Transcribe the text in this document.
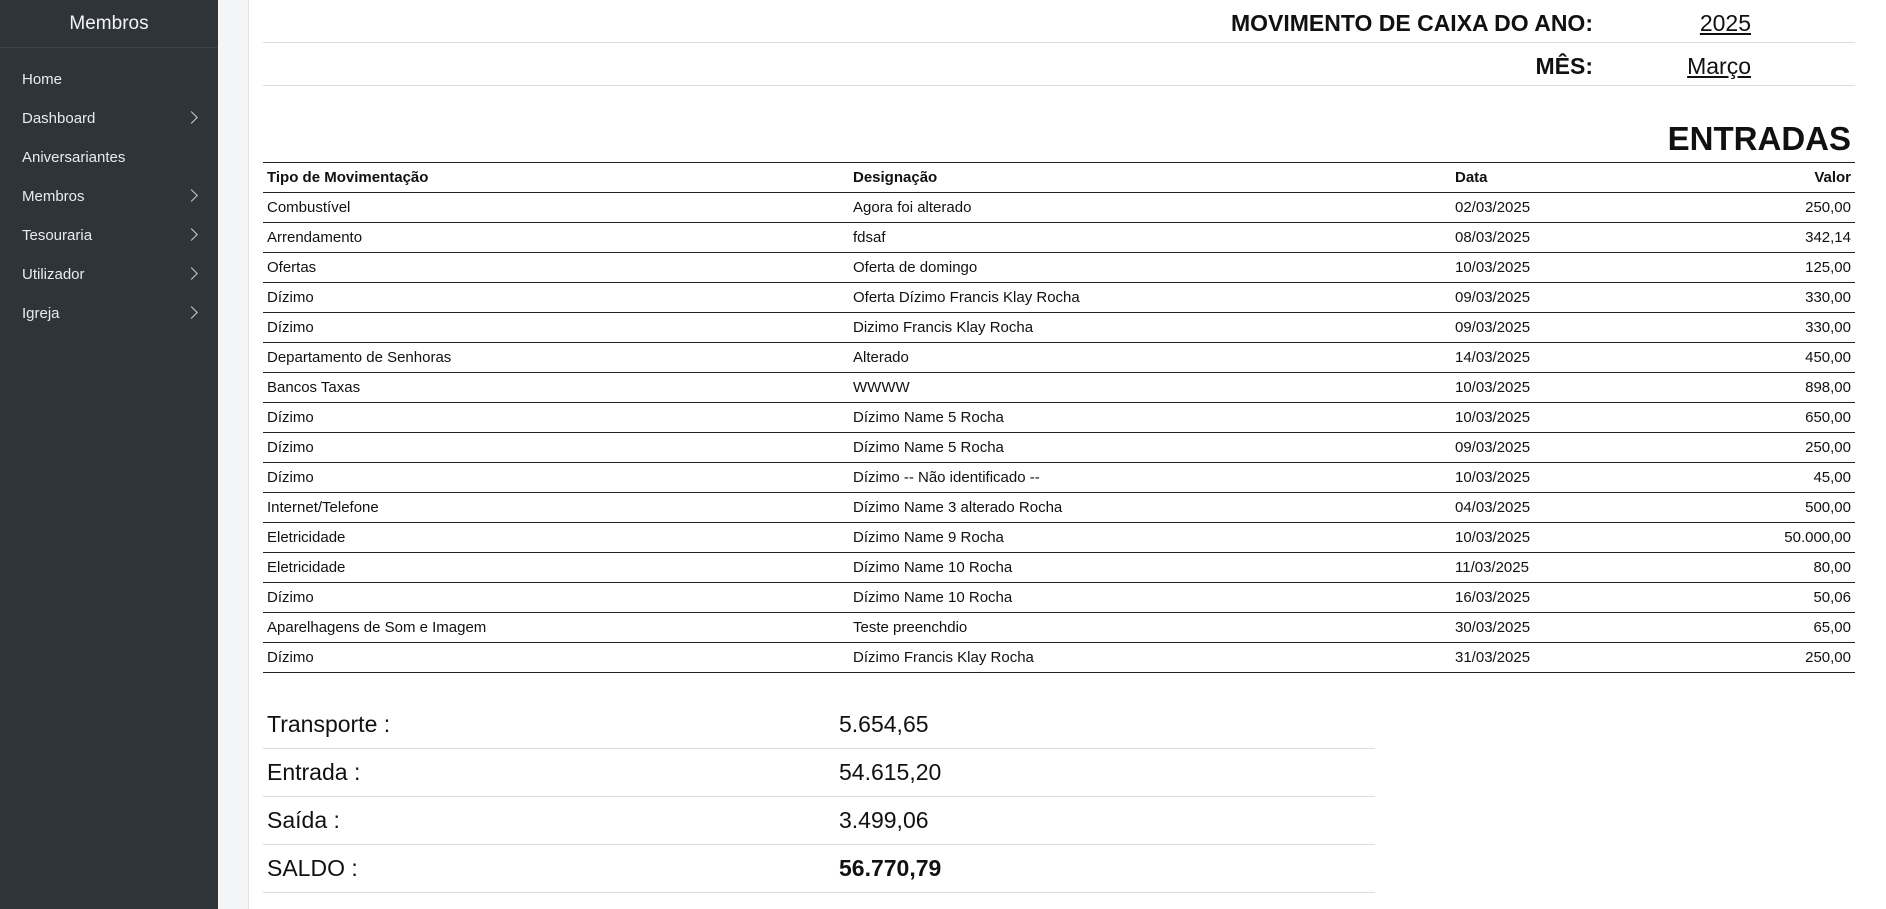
Membros
Home
Dashboard
Aniversariantes
Membros
Tesouraria
Utilizador
Igreja
MOVIMENTO DE CAIXA DO ANO:	2025
MÊS:	Março
ENTRADAS
Tipo de Movimentação	Designação	Data	Valor
Combustível	Agora foi alterado	02/03/2025	250,00
Arrendamento	fdsaf	08/03/2025	342,14
Ofertas	Oferta de domingo	10/03/2025	125,00
Dízimo	Oferta Dízimo Francis Klay Rocha	09/03/2025	330,00
Dízimo	Dizimo Francis Klay Rocha	09/03/2025	330,00
Departamento de Senhoras	Alterado	14/03/2025	450,00
Bancos Taxas	WWWW	10/03/2025	898,00
Dízimo	Dízimo Name 5 Rocha	10/03/2025	650,00
Dízimo	Dízimo Name 5 Rocha	09/03/2025	250,00
Dízimo	Dízimo -- Não identificado --	10/03/2025	45,00
Internet/Telefone	Dízimo Name 3 alterado Rocha	04/03/2025	500,00
Eletricidade	Dízimo Name 9 Rocha	10/03/2025	50.000,00
Eletricidade	Dízimo Name 10 Rocha	11/03/2025	80,00
Dízimo	Dízimo Name 10 Rocha	16/03/2025	50,06
Aparelhagens de Som e Imagem	Teste preenchdio	30/03/2025	65,00
Dízimo	Dízimo Francis Klay Rocha	31/03/2025	250,00
Transporte :	5.654,65
Entrada :	54.615,20
Saída :	3.499,06
SALDO :	56.770,79
